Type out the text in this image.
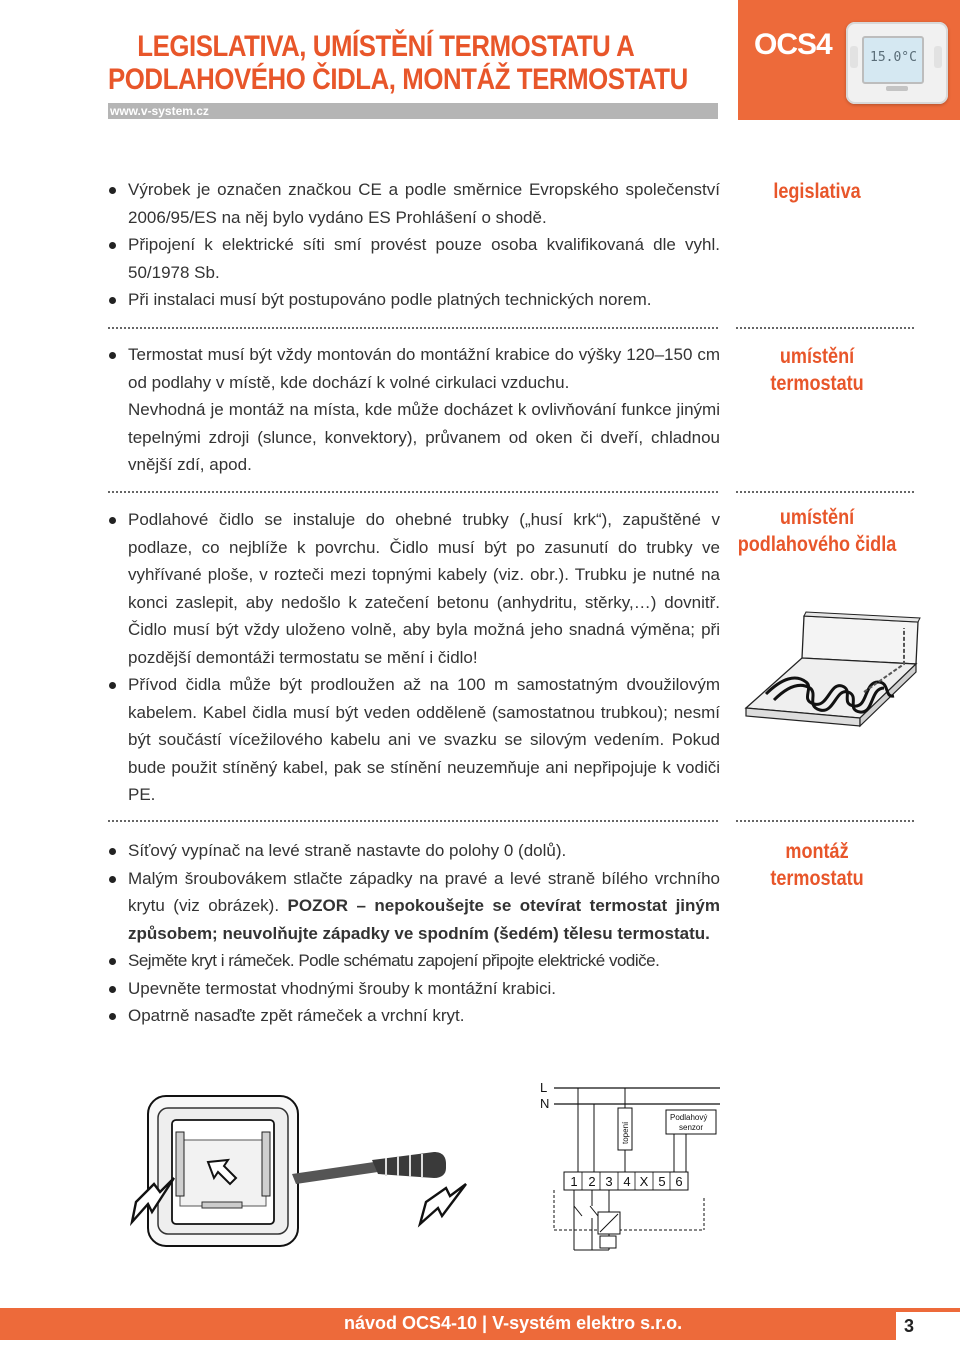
LEGISLATIVA, UMÍSTĚNÍ TERMOSTATU A
PODLAHOVÉHO ČIDLA, MONTÁŽ TERMOSTATU
www.v-system.cz
OCS4	15.0°C
Výrobek je označen značkou CE a podle směrnice Evropského společenství 2006/95/ES na něj bylo vydáno ES Prohlášení o shodě.
Připojení k elektrické síti smí provést pouze osoba kvalifikovaná dle vyhl. 50/1978 Sb.
Při instalaci musí být postupováno podle platných technických norem.
legislativa
Termostat musí být vždy montován do montážní krabice do výšky 120–150 cm od podlahy v místě, kde dochází k volné cirkulaci vzduchu.

Nevhodná je montáž na místa, kde může docházet k ovlivňování funkce jinými tepelnými zdroji (slunce, konvektory), průvanem od oken či dveří, chladnou vnější zdí, apod.

umístění
termostatu
Podlahové čidlo se instaluje do ohebné trubky („husí krk“), zapuštěné v podlaze, co nejblíže k povrchu. Čidlo musí být po zasunutí do trubky ve vyhřívané ploše, v rozteči mezi topnými kabely (viz. obr.). Trubku je nutné na konci zaslepit, aby nedošlo k zatečení betonu (anhydritu, stěrky,…) dovnitř. Čidlo musí být vždy uloženo volně, aby byla možná jeho snadná výměna; při pozdější demontáži termostatu se mění i čidlo!
Přívod čidla může být prodloužen až na 100 m samostatným dvoužilovým kabelem. Kabel čidla musí být veden odděleně (samostatnou trubkou); nesmí být součástí vícežilového kabelu ani ve svazku se silovým vedením. Pokud bude použit stíněný kabel, pak se stínění neuzemňuje ani nepřipojuje k vodiči PE.
umístění
podlahového čidla
Síťový vypínač na levé straně nastavte do polohy 0 (dolů).
Malým šroubovákem stlačte západky na pravé a levé straně bílého vrchního krytu (viz obrázek). POZOR – nepokoušejte se otevírat termostat jiným způsobem; neuvolňujte západky ve spodním (šedém) tělesu termostatu.
Sejměte kryt i rámeček. Podle schématu zapojení připojte elektrické vodiče.
Upevněte termostat vhodnými šrouby k montážní krabici.
Opatrně nasaďte zpět rámeček a vrchní kryt.
montáž
termostatu
L
N
topení
Podlahový
senzor
1 2 3 4 X 5 6
návod OCS4-10 | V-systém elektro s.r.o.	3
